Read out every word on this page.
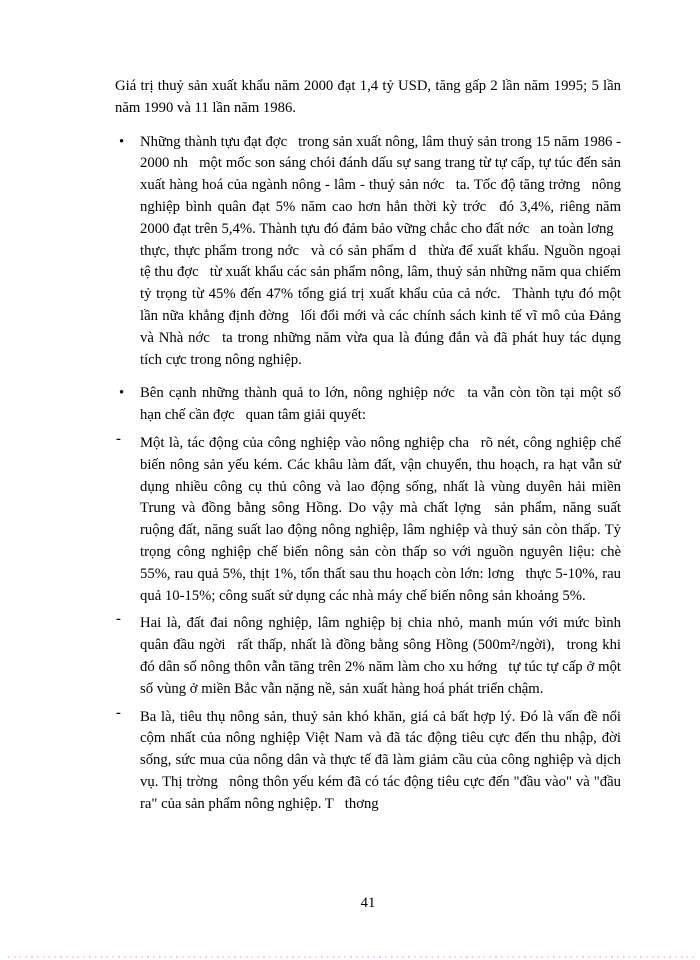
Giá trị thuỷ sản xuất khẩu năm 2000 đạt 1,4 tỷ USD, tăng gấp 2 lần năm 1995; 5 lần năm 1990 và 11 lần năm 1986.

• Những thành tựu đạt đợc  trong sản xuất nông, lâm thuỷ sản trong 15 năm 1986 - 2000 nh  một mốc son sáng chói đánh dấu sự sang trang từ tự cấp, tự túc đến sản xuất hàng hoá của ngành nông - lâm - thuỷ sản nớc  ta. Tốc độ tăng trởng  nông nghiệp bình quân đạt 5% năm cao hơn hẳn thời kỳ trớc  đó 3,4%, riêng năm 2000 đạt trên 5,4%. Thành tựu đó đảm bảo vững chắc cho đất nớc  an toàn lơng  thực, thực phẩm trong nớc  và có sản phẩm d  thừa để xuất khẩu. Nguồn ngoại tệ thu đợc  từ xuất khẩu các sản phẩm nông, lâm, thuỷ sản những năm qua chiếm tỷ trọng từ 45% đến 47% tổng giá trị xuất khẩu của cả nớc.  Thành tựu đó một lần nữa khẳng định đờng  lối đổi mới và các chính sách kinh tế vĩ mô của Đảng và Nhà nớc  ta trong những năm vừa qua là đúng đắn và đã phát huy tác dụng tích cực trong nông nghiệp.

• Bên cạnh những thành quả to lớn, nông nghiệp nớc  ta vẫn còn tồn tại một số hạn chế cần đợc  quan tâm giải quyết:

- Một là, tác động của công nghiệp vào nông nghiệp cha  rõ nét, công nghiệp chế biến nông sản yếu kém. Các khâu làm đất, vận chuyển, thu hoạch, ra hạt vẫn sử dụng nhiều công cụ thủ công và lao động sống, nhất là vùng duyên hải miền Trung và đồng bằng sông Hồng. Do vậy mà chất lợng  sản phẩm, năng suất ruộng đất, năng suất lao động nông nghiệp, lâm nghiệp và thuỷ sản còn thấp. Tỷ trọng công nghiệp chế biến nông sản còn thấp so với nguồn nguyên liệu: chè 55%, rau quả 5%, thịt 1%, tổn thất sau thu hoạch còn lớn: lơng  thực 5-10%, rau quả 10-15%; công suất sử dụng các nhà máy chế biến nông sản khoảng 5%.

- Hai là, đất đai nông nghiệp, lâm nghiệp bị chia nhỏ, manh mún với mức bình quân đầu ngời  rất thấp, nhất là đồng bằng sông Hồng (500m²/ngời),  trong khi đó dân số nông thôn vẫn tăng trên 2% năm làm cho xu hớng  tự túc tự cấp ở một số vùng ở miền Bắc vẫn nặng nề, sản xuất hàng hoá phát triển chậm.

- Ba là, tiêu thụ nông sản, thuỷ sản khó khăn, giá cả bất hợp lý. Đó là vấn đề nổi cộm nhất của nông nghiệp Việt Nam và đã tác động tiêu cực đến thu nhập, đời sống, sức mua của nông dân và thực tế đã làm giảm cầu của công nghiệp và dịch vụ. Thị trờng  nông thôn yếu kém đã có tác động tiêu cực đến "đầu vào" và "đầu ra" của sản phẩm nông nghiệp. T  thơng

41
